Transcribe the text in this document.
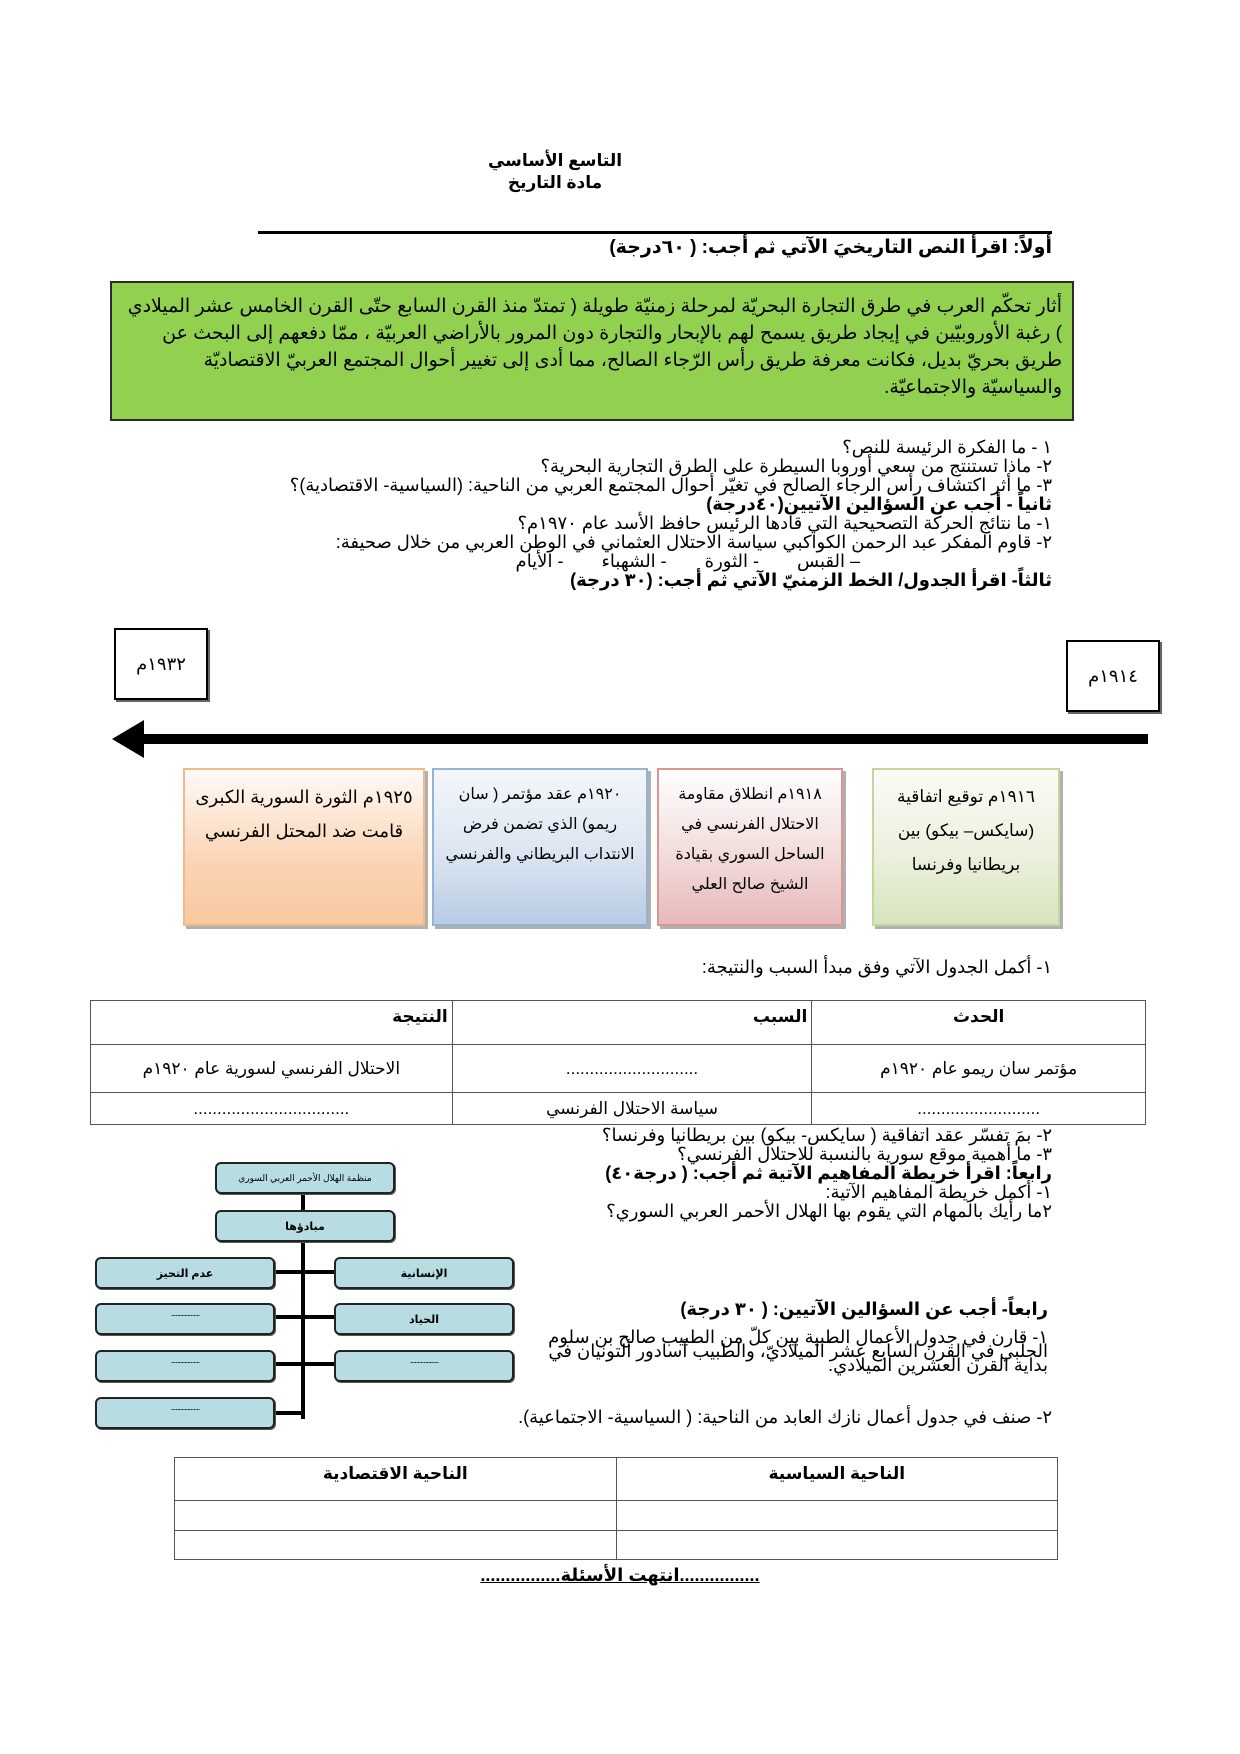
التاسع الأساسي
مادة التاريخ
أولاً: اقرأ النص التاريخيَ الآتي ثم أجب: ( ٦٠درجة)
أثار تحكّم العرب في طرق التجارة البحريّة لمرحلة زمنيّة طويلة ( تمتدّ منذ القرن السابع حتّى القرن الخامس عشر الميلادي ) رغبة الأوروبيّين في إيجاد طريق يسمح لهم بالإبحار والتجارة دون المرور بالأراضي العربيّة ، ممّا دفعهم إلى البحث عن طريق بحريّ بديل، فكانت معرفة طريق رأس الرّجاء الصالح، مما أدى إلى تغيير أحوال المجتمع العربيّ الاقتصاديّة والسياسيّة والاجتماعيّة.
١ - ما الفكرة الرئيسة للنص؟
٢- ماذا تستنتج من سعي أوروبا السيطرة على الطرق التجارية البحرية؟
٣- ما أثر اكتشاف رأس الرجاء الصالح في تغيّر أحوال المجتمع العربي من الناحية: (السياسية- الاقتصادية)؟
ثانياً - أجب عن السؤالين الآتيين(٤٠درجة)
١- ما نتائج الحركة التصحيحية التي قادها الرئيس حافظ الأسد عام ١٩٧٠م؟
٢- قاوم المفكر عبد الرحمن الكواكبي سياسة الاحتلال العثماني في الوطن العربي من خلال صحيفة:
– القبس
- الثورة
- الشهباء
- الأيام
ثالثاً- اقرأ الجدول/ الخط الزمنيّ الآتي ثم أجب: (٣٠ درجة)
١٩٣٢م
١٩١٤م
١٩٢٥م الثورة السورية الكبرى قامت ضد المحتل الفرنسي
١٩٢٠م عقد مؤتمر ( سان ريمو) الذي تضمن فرض الانتداب البريطاني والفرنسي
١٩١٨م انطلاق مقاومة الاحتلال الفرنسي في الساحل السوري بقيادة الشيخ صالح العلي
١٩١٦م توقيع اتفاقية (سايكس– بيكو) بين بريطانيا وفرنسا
١- أكمل الجدول الآتي وفق مبدأ السبب والنتيجة:
الحدث	السبب	النتيجة
مؤتمر سان ريمو عام ١٩٢٠م	............................	الاحتلال الفرنسي لسورية عام ١٩٢٠م
..........................	سياسة الاحتلال الفرنسي	.................................
٢- بمَ تفسّر عقد اتفاقية ( سايكس- بيكو) بين بريطانيا وفرنسا؟
٣- ما أهمية موقع سورية بالنسبة للاحتلال الفرنسي؟
رابعاً: اقرأ خريطة المفاهيم الآتية ثم أجب: ( درجة٤٠)
١- أكمل خريطة المفاهيم الآتية:
٢ما رأيك بالمهام التي يقوم بها الهلال الأحمر العربي السوري؟
منظمة الهلال الأحمر العربي السوري
مبادؤها
الإنسانية
الحياد
...................
عدم التحيز
...................
...................
...................
رابعاً- أجب عن السؤالين الآتيين: ( ٣٠ درجة)
١- قارن في جدول الأعمال الطبية بين كلّ من الطبيب صالح بن سلوم الحلبي في القرن السابع عشر الميلاديّ، والطبيب أسادور ألتونيان في بداية القرن العشرين الميلادي.
٢- صنف في جدول أعمال نازك العابد من الناحية: ( السياسية- الاجتماعية).
الناحية السياسية	الناحية الاقتصادية

................انتهت الأسئلة................
